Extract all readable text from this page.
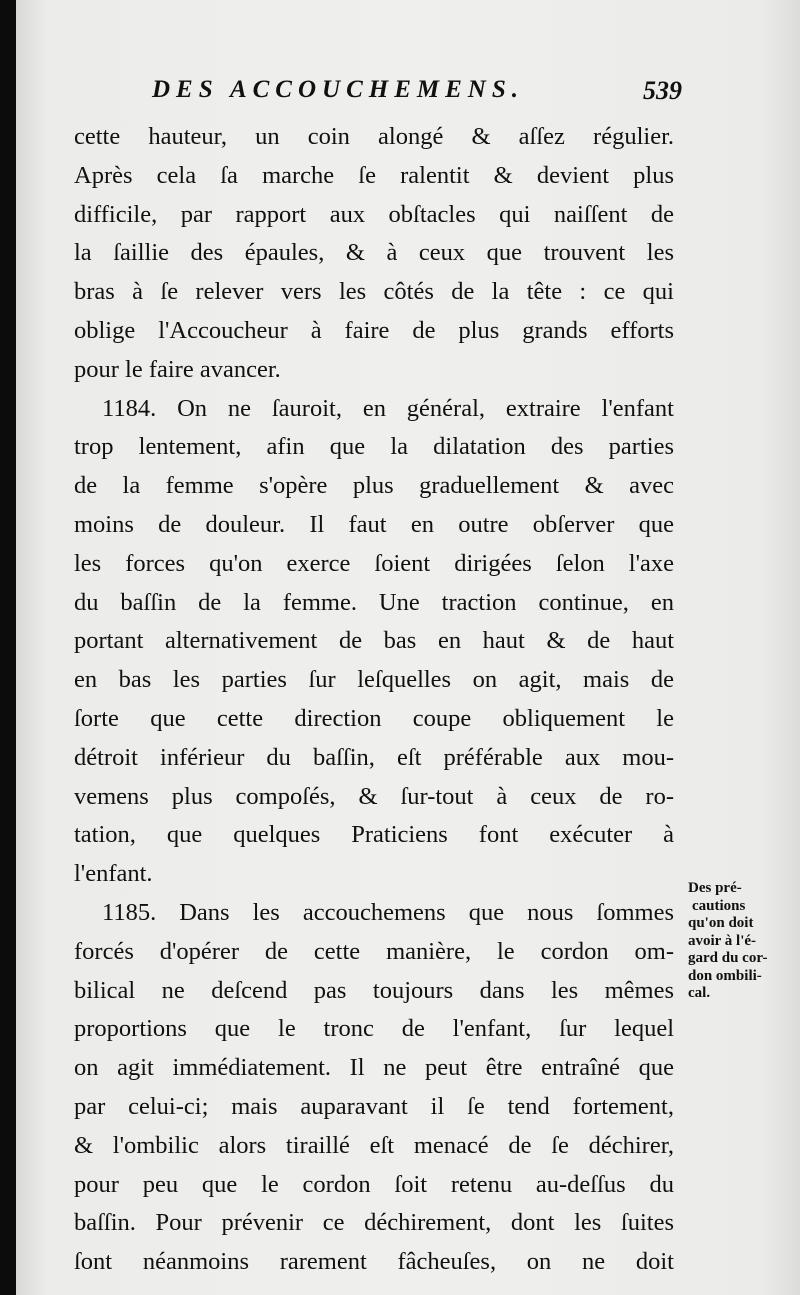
DES ACCOUCHEMENS.	539
cette hauteur, un coin alongé & aſſez régulier.
Après cela ſa marche ſe ralentit & devient plus
difficile, par rapport aux obſtacles qui naiſſent de
la ſaillie des épaules, & à ceux que trouvent les
bras à ſe relever vers les côtés de la tête : ce qui
oblige l'Accoucheur à faire de plus grands efforts
pour le faire avancer.
1184. On ne ſauroit, en général, extraire l'enfant
trop lentement, afin que la dilatation des parties
de la femme s'opère plus graduellement & avec
moins de douleur. Il faut en outre obſerver que
les forces qu'on exerce ſoient dirigées ſelon l'axe
du baſſin de la femme. Une traction continue, en
portant alternativement de bas en haut & de haut
en bas les parties ſur leſquelles on agit, mais de
ſorte que cette direction coupe obliquement le
détroit inférieur du baſſin, eſt préférable aux mou-
vemens plus compoſés, & ſur-tout à ceux de ro-
tation, que quelques Praticiens font exécuter à
l'enfant.
1185. Dans les accouchemens que nous ſommes
forcés d'opérer de cette manière, le cordon om-
bilical ne deſcend pas toujours dans les mêmes
proportions que le tronc de l'enfant, ſur lequel
on agit immédiatement. Il ne peut être entraîné que
par celui-ci; mais auparavant il ſe tend fortement,
& l'ombilic alors tiraillé eſt menacé de ſe déchirer,
pour peu que le cordon ſoit retenu au-deſſus du
baſſin. Pour prévenir ce déchirement, dont les ſuites
ſont néanmoins rarement fâcheuſes, on ne doit
Des pré-
cautions
qu'on doit
avoir à l'é-
gard du cor-
don ombili-
cal.
